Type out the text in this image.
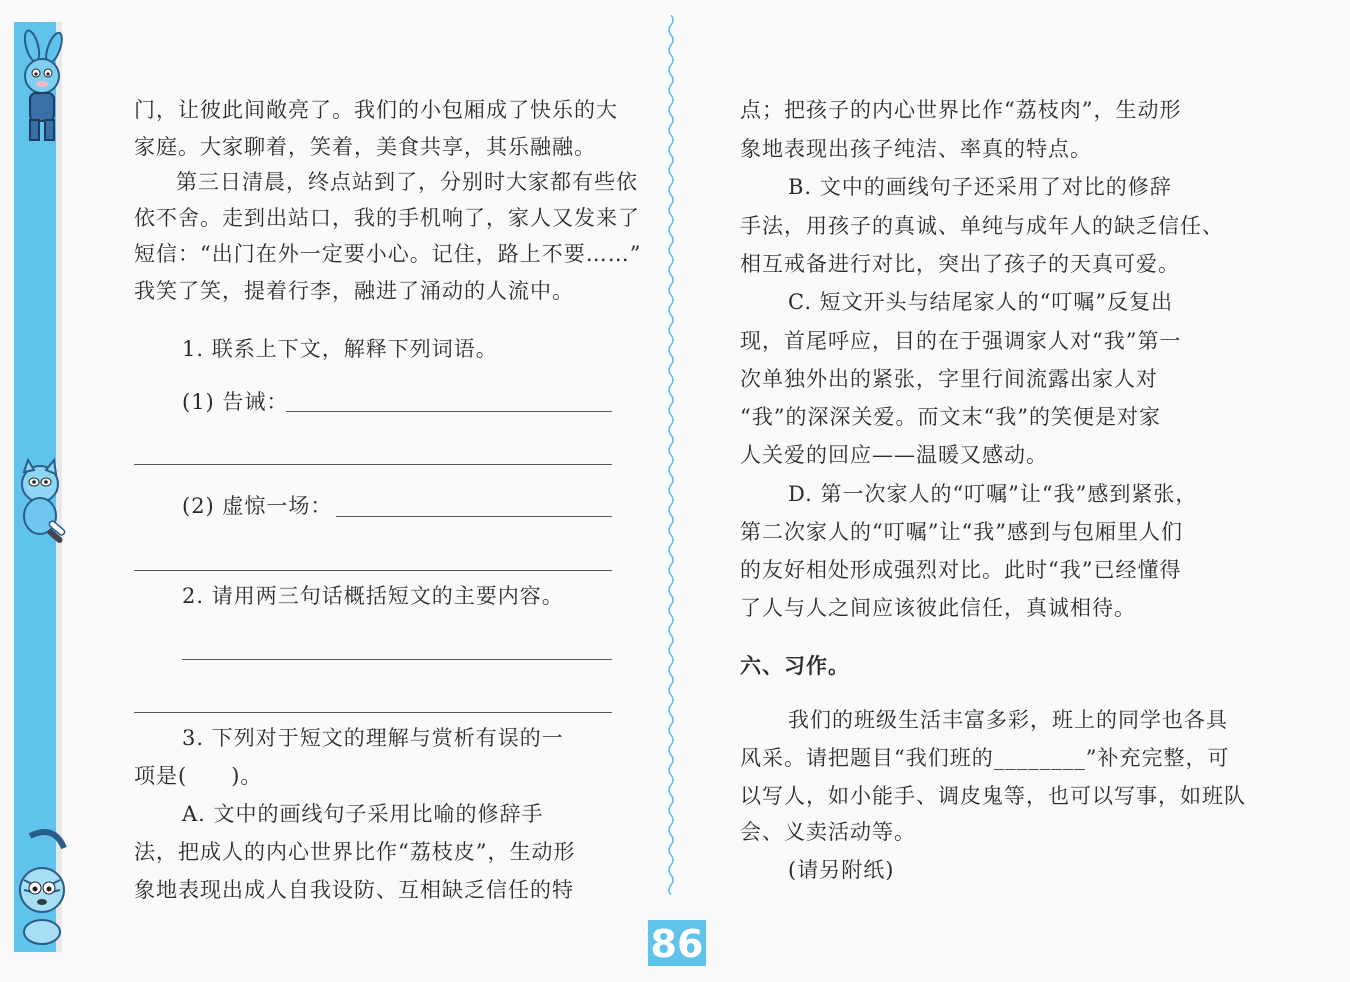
门，让彼此间敞亮了。我们的小包厢成了快乐的大
家庭。大家聊着，笑着，美食共享，其乐融融。
第三日清晨，终点站到了，分别时大家都有些依
依不舍。走到出站口，我的手机响了，家人又发来了
短信：“出门在外一定要小心。记住，路上不要……”
我笑了笑，提着行李，融进了涌动的人流中。
1. 联系上下文，解释下列词语。
(1) 告诫：
(2) 虚惊一场：
2. 请用两三句话概括短文的主要内容。
3. 下列对于短文的理解与赏析有误的一
项是(　　)。
A. 文中的画线句子采用比喻的修辞手
法，把成人的内心世界比作“荔枝皮”，生动形
象地表现出成人自我设防、互相缺乏信任的特
点；把孩子的内心世界比作“荔枝肉”，生动形
象地表现出孩子纯洁、率真的特点。
B. 文中的画线句子还采用了对比的修辞
手法，用孩子的真诚、单纯与成年人的缺乏信任、
相互戒备进行对比，突出了孩子的天真可爱。
C. 短文开头与结尾家人的“叮嘱”反复出
现，首尾呼应，目的在于强调家人对“我”第一
次单独外出的紧张，字里行间流露出家人对
“我”的深深关爱。而文末“我”的笑便是对家
人关爱的回应——温暖又感动。
D. 第一次家人的“叮嘱”让“我”感到紧张，
第二次家人的“叮嘱”让“我”感到与包厢里人们
的友好相处形成强烈对比。此时“我”已经懂得
了人与人之间应该彼此信任，真诚相待。
六、习作。
我们的班级生活丰富多彩，班上的同学也各具
风采。请把题目“我们班的________”补充完整，可
以写人，如小能手、调皮鬼等，也可以写事，如班队
会、义卖活动等。
(请另附纸)
86
